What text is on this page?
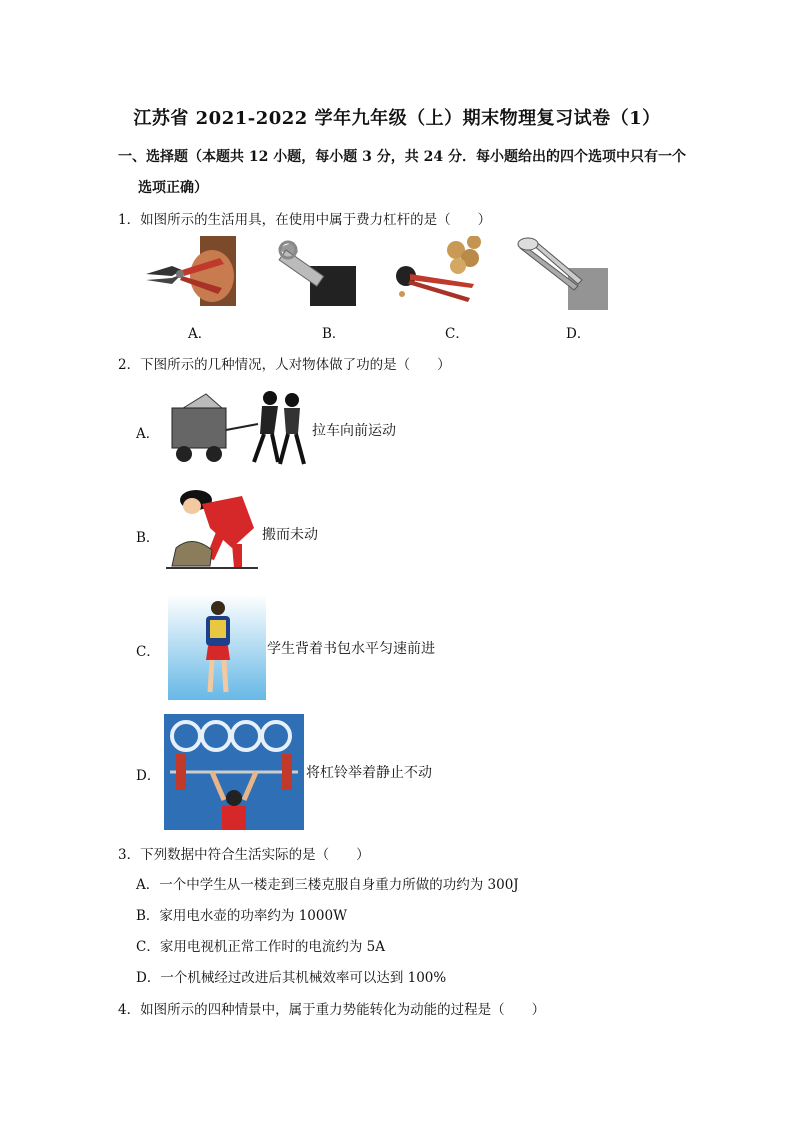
江苏省 2021-2022 学年九年级（上）期末物理复习试卷（1）
一、选择题（本题共 12 小题，每小题 3 分，共 24 分．每小题给出的四个选项中只有一个
选项正确）
1．如图所示的生活用具，在使用中属于费力杠杆的是（　　）
A．	B．	C．	D．
2．下图所示的几种情况，人对物体做了功的是（　　）
A．	拉车向前运动
B．	搬而未动
C．	学生背着书包水平匀速前进
D．	将杠铃举着静止不动
3．下列数据中符合生活实际的是（　　）
A．一个中学生从一楼走到三楼克服自身重力所做的功约为 300J
B．家用电水壶的功率约为 1000W
C．家用电视机正常工作时的电流约为 5A
D．一个机械经过改进后其机械效率可以达到 100%
4．如图所示的四种情景中，属于重力势能转化为动能的过程是（　　）
